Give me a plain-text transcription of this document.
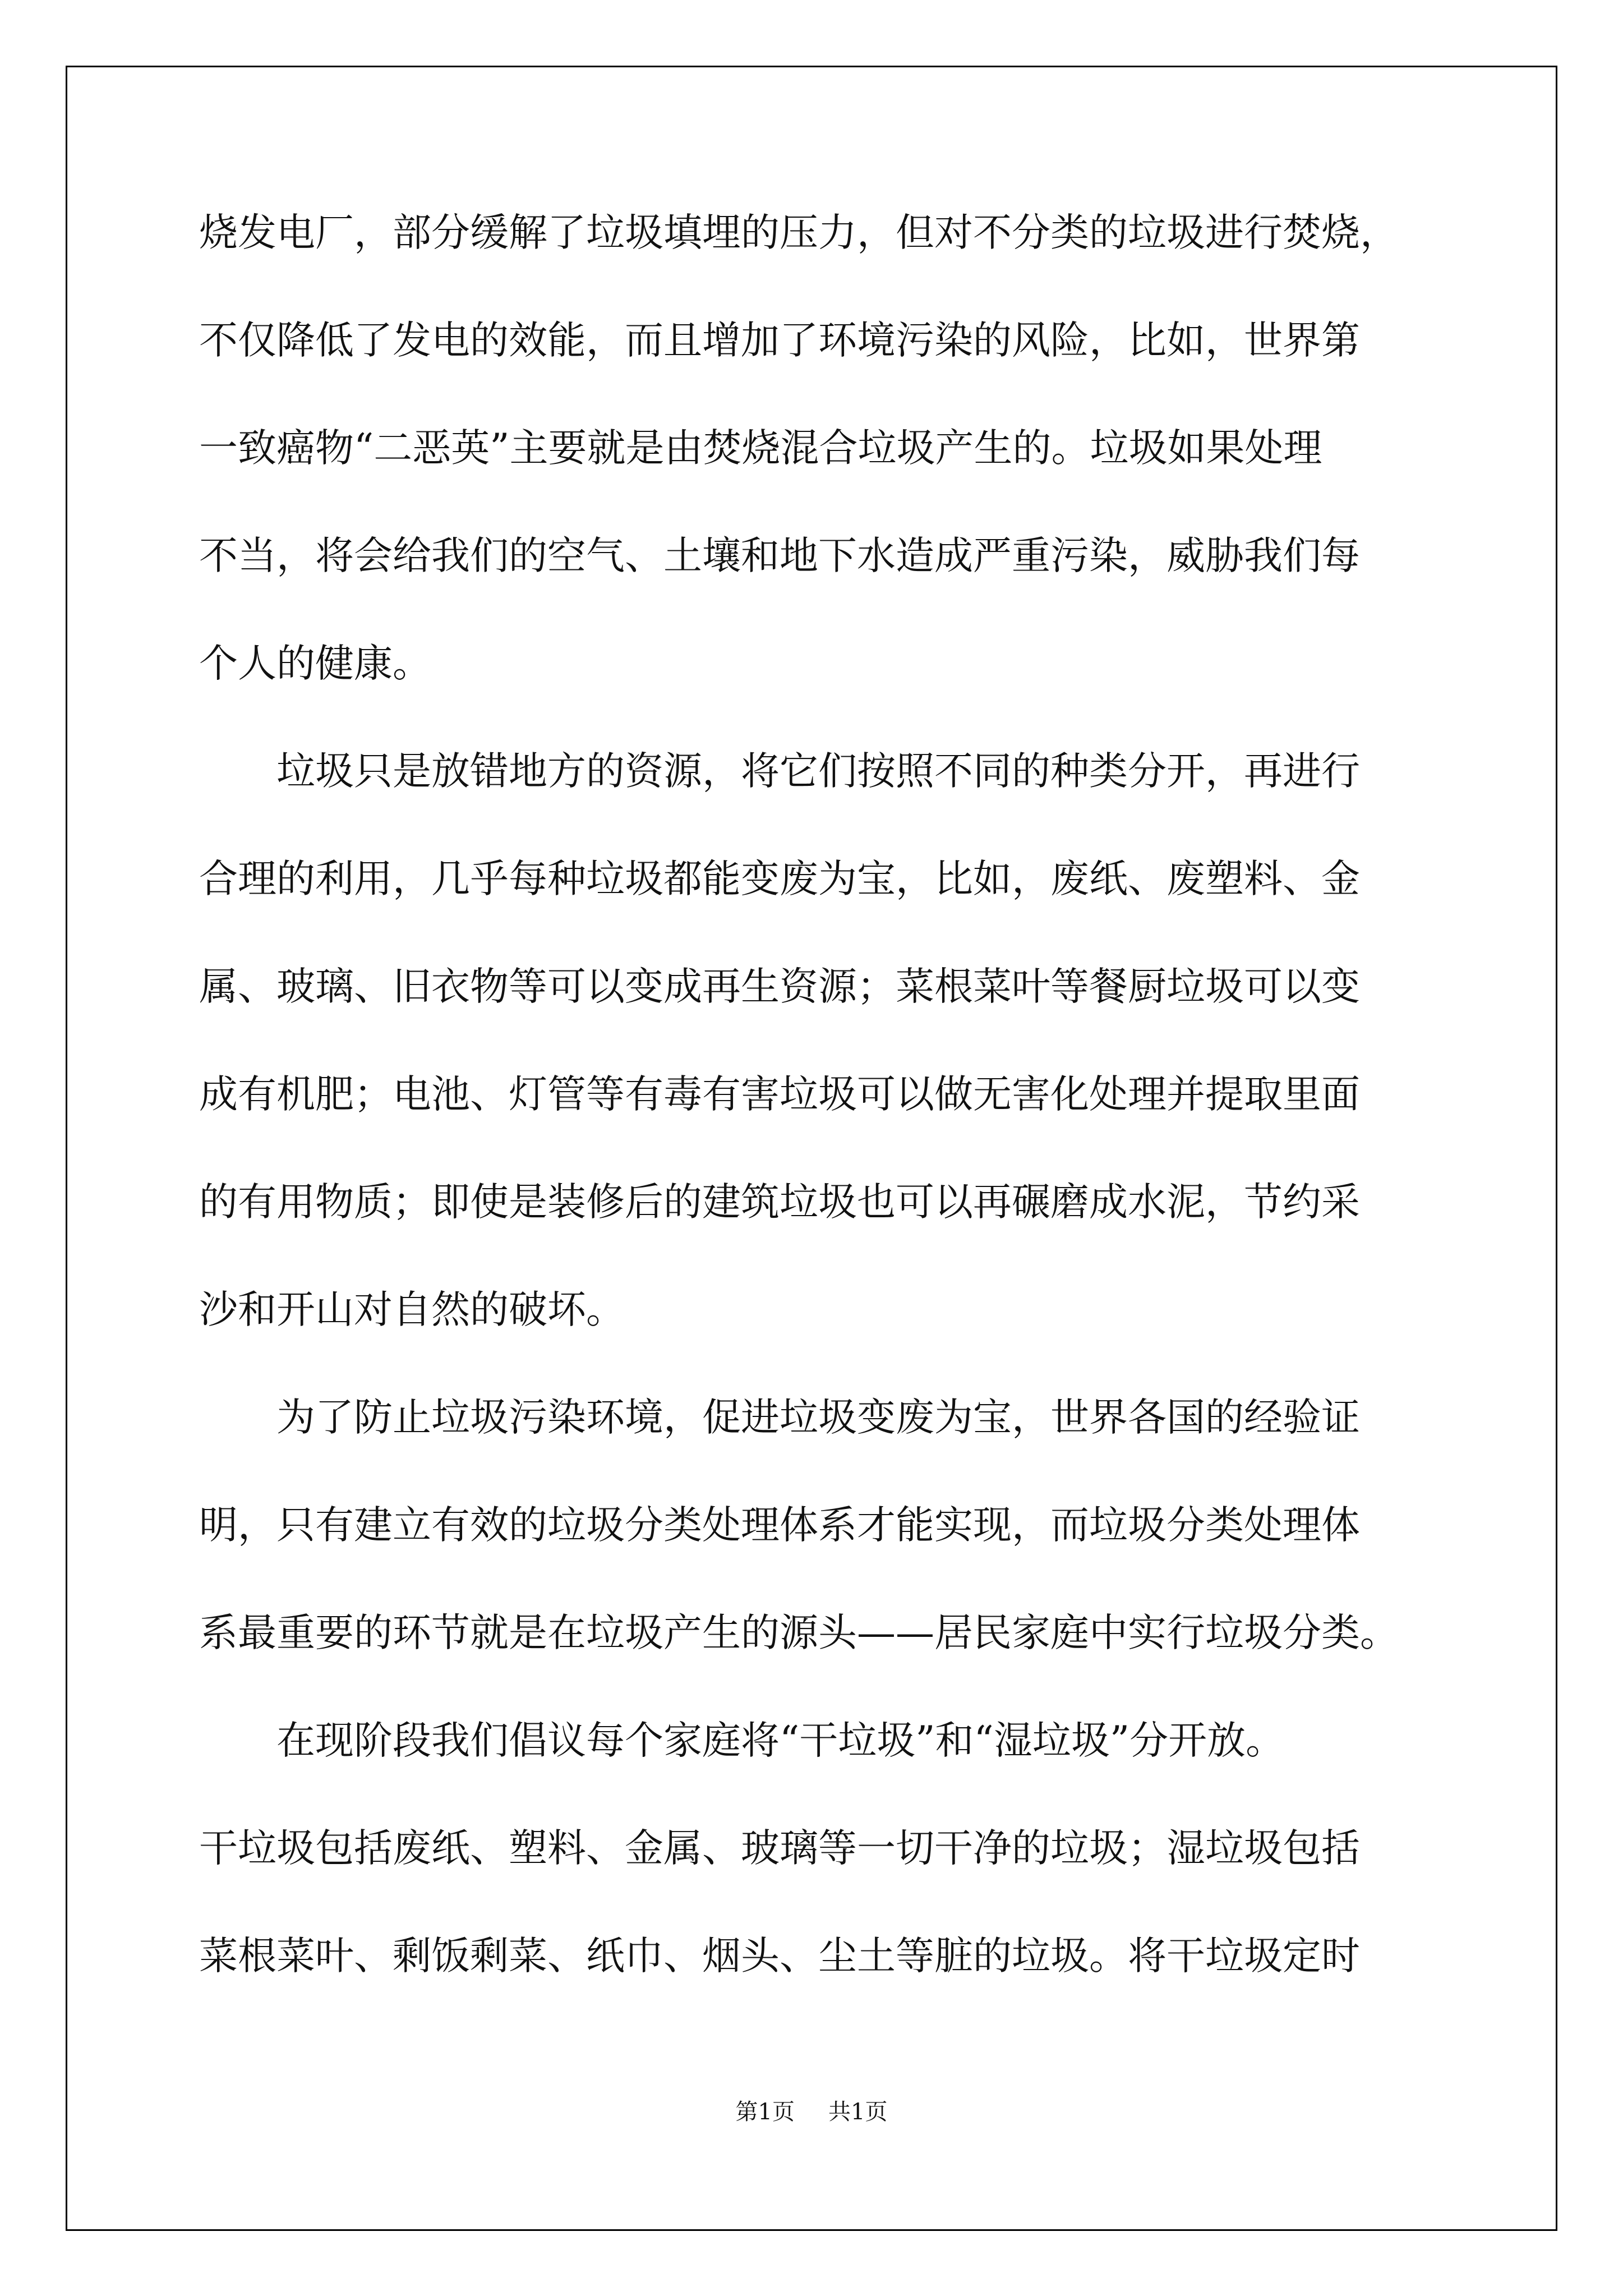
烧发电厂，部分缓解了垃圾填埋的压力，但对不分类的垃圾进行焚烧，
不仅降低了发电的效能，而且增加了环境污染的风险，比如，世界第
一致癌物“二恶英”主要就是由焚烧混合垃圾产生的。垃圾如果处理
不当，将会给我们的空气、土壤和地下水造成严重污染，威胁我们每
个人的健康。
　　垃圾只是放错地方的资源，将它们按照不同的种类分开，再进行
合理的利用，几乎每种垃圾都能变废为宝，比如，废纸、废塑料、金
属、玻璃、旧衣物等可以变成再生资源；菜根菜叶等餐厨垃圾可以变
成有机肥；电池、灯管等有毒有害垃圾可以做无害化处理并提取里面
的有用物质；即使是装修后的建筑垃圾也可以再碾磨成水泥，节约采
沙和开山对自然的破坏。
　　为了防止垃圾污染环境，促进垃圾变废为宝，世界各国的经验证
明，只有建立有效的垃圾分类处理体系才能实现，而垃圾分类处理体
系最重要的环节就是在垃圾产生的源头——居民家庭中实行垃圾分类。
　　在现阶段我们倡议每个家庭将“干垃圾”和“湿垃圾”分开放。
干垃圾包括废纸、塑料、金属、玻璃等一切干净的垃圾；湿垃圾包括
菜根菜叶、剩饭剩菜、纸巾、烟头、尘土等脏的垃圾。将干垃圾定时
第1页 共1页
